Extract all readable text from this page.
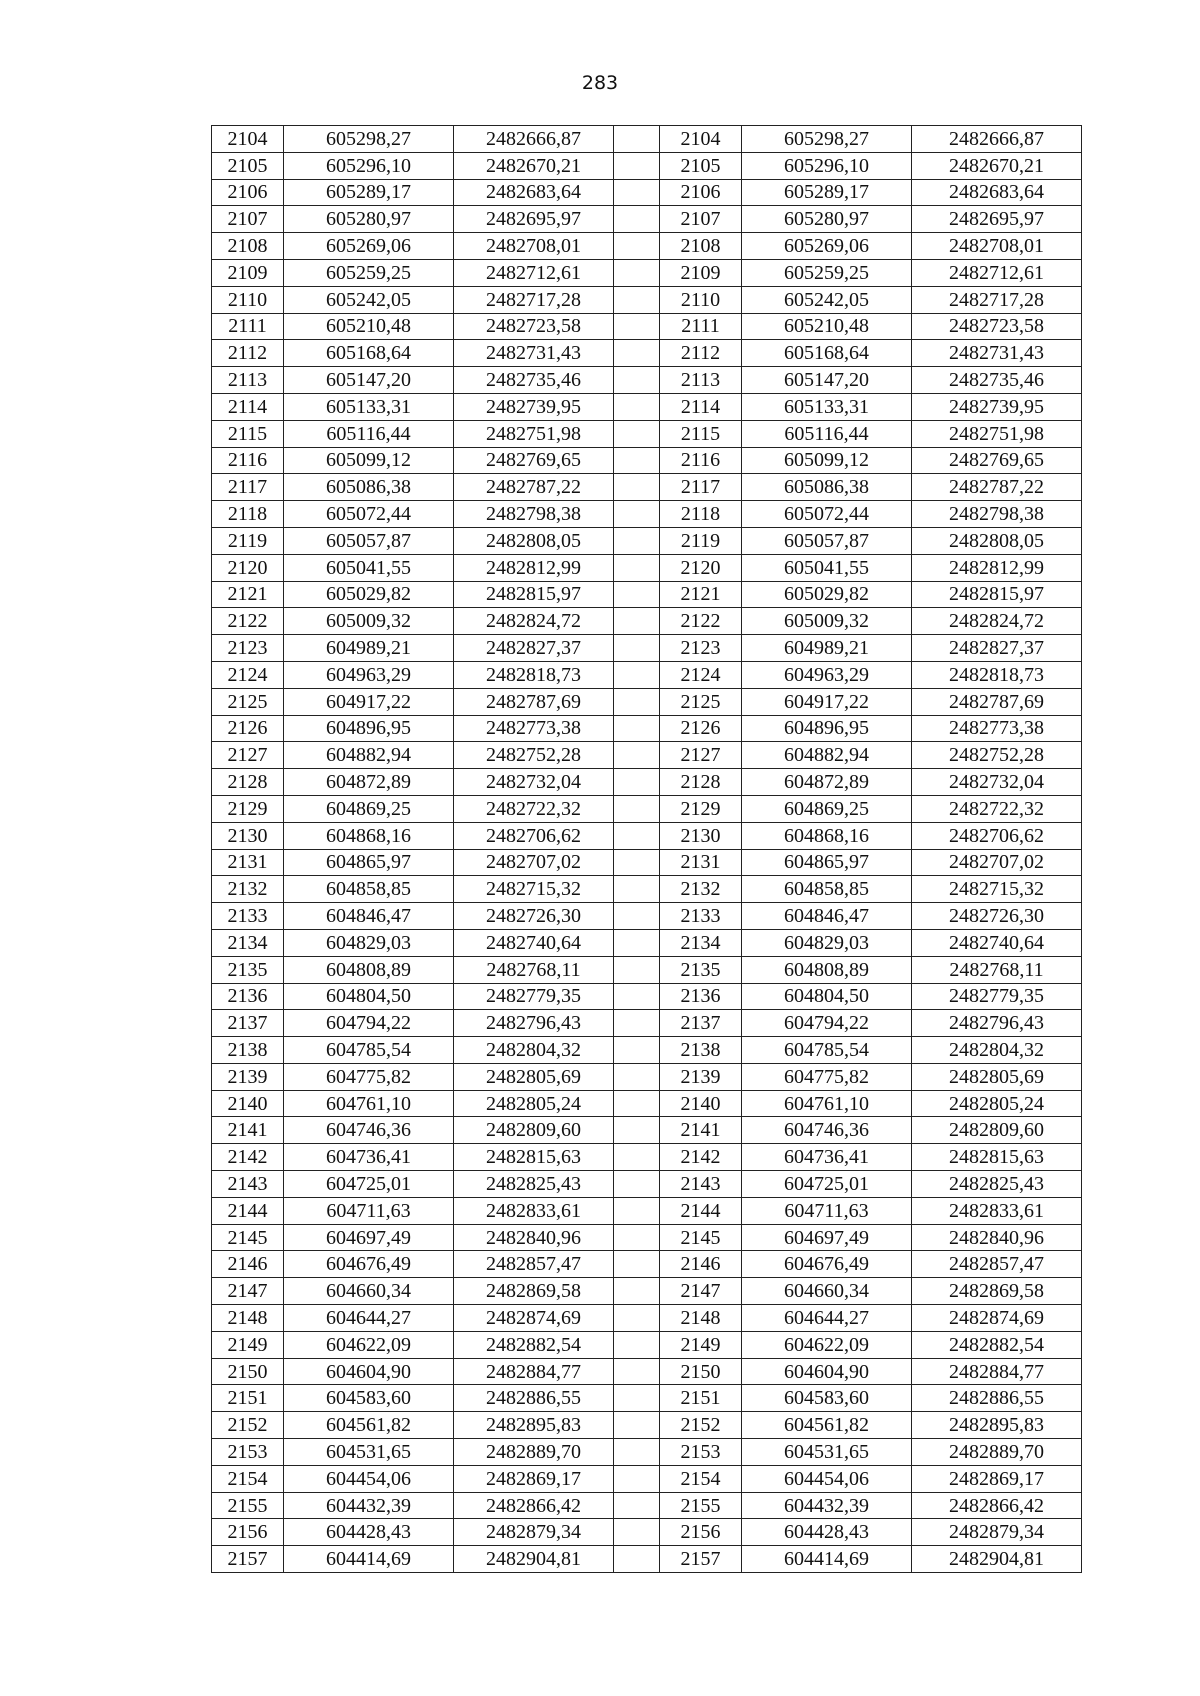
283
2104	605298,27	2482666,87		2104	605298,27	2482666,87
2105	605296,10	2482670,21		2105	605296,10	2482670,21
2106	605289,17	2482683,64		2106	605289,17	2482683,64
2107	605280,97	2482695,97		2107	605280,97	2482695,97
2108	605269,06	2482708,01		2108	605269,06	2482708,01
2109	605259,25	2482712,61		2109	605259,25	2482712,61
2110	605242,05	2482717,28		2110	605242,05	2482717,28
2111	605210,48	2482723,58		2111	605210,48	2482723,58
2112	605168,64	2482731,43		2112	605168,64	2482731,43
2113	605147,20	2482735,46		2113	605147,20	2482735,46
2114	605133,31	2482739,95		2114	605133,31	2482739,95
2115	605116,44	2482751,98		2115	605116,44	2482751,98
2116	605099,12	2482769,65		2116	605099,12	2482769,65
2117	605086,38	2482787,22		2117	605086,38	2482787,22
2118	605072,44	2482798,38		2118	605072,44	2482798,38
2119	605057,87	2482808,05		2119	605057,87	2482808,05
2120	605041,55	2482812,99		2120	605041,55	2482812,99
2121	605029,82	2482815,97		2121	605029,82	2482815,97
2122	605009,32	2482824,72		2122	605009,32	2482824,72
2123	604989,21	2482827,37		2123	604989,21	2482827,37
2124	604963,29	2482818,73		2124	604963,29	2482818,73
2125	604917,22	2482787,69		2125	604917,22	2482787,69
2126	604896,95	2482773,38		2126	604896,95	2482773,38
2127	604882,94	2482752,28		2127	604882,94	2482752,28
2128	604872,89	2482732,04		2128	604872,89	2482732,04
2129	604869,25	2482722,32		2129	604869,25	2482722,32
2130	604868,16	2482706,62		2130	604868,16	2482706,62
2131	604865,97	2482707,02		2131	604865,97	2482707,02
2132	604858,85	2482715,32		2132	604858,85	2482715,32
2133	604846,47	2482726,30		2133	604846,47	2482726,30
2134	604829,03	2482740,64		2134	604829,03	2482740,64
2135	604808,89	2482768,11		2135	604808,89	2482768,11
2136	604804,50	2482779,35		2136	604804,50	2482779,35
2137	604794,22	2482796,43		2137	604794,22	2482796,43
2138	604785,54	2482804,32		2138	604785,54	2482804,32
2139	604775,82	2482805,69		2139	604775,82	2482805,69
2140	604761,10	2482805,24		2140	604761,10	2482805,24
2141	604746,36	2482809,60		2141	604746,36	2482809,60
2142	604736,41	2482815,63		2142	604736,41	2482815,63
2143	604725,01	2482825,43		2143	604725,01	2482825,43
2144	604711,63	2482833,61		2144	604711,63	2482833,61
2145	604697,49	2482840,96		2145	604697,49	2482840,96
2146	604676,49	2482857,47		2146	604676,49	2482857,47
2147	604660,34	2482869,58		2147	604660,34	2482869,58
2148	604644,27	2482874,69		2148	604644,27	2482874,69
2149	604622,09	2482882,54		2149	604622,09	2482882,54
2150	604604,90	2482884,77		2150	604604,90	2482884,77
2151	604583,60	2482886,55		2151	604583,60	2482886,55
2152	604561,82	2482895,83		2152	604561,82	2482895,83
2153	604531,65	2482889,70		2153	604531,65	2482889,70
2154	604454,06	2482869,17		2154	604454,06	2482869,17
2155	604432,39	2482866,42		2155	604432,39	2482866,42
2156	604428,43	2482879,34		2156	604428,43	2482879,34
2157	604414,69	2482904,81		2157	604414,69	2482904,81
